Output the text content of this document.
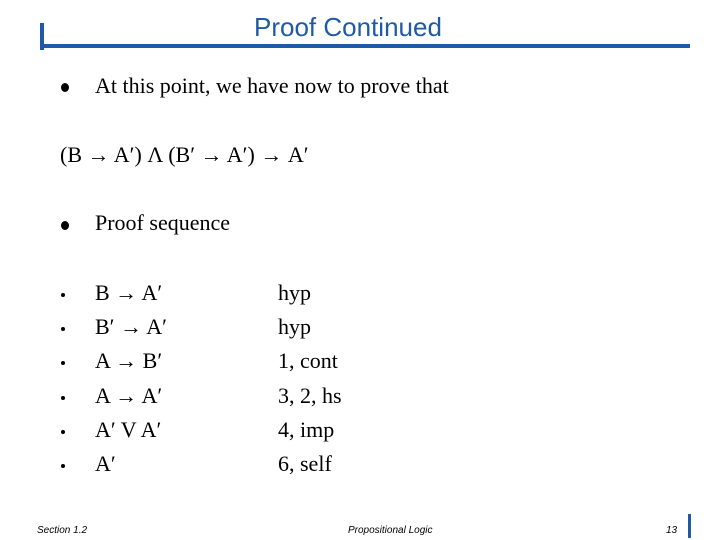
Proof Continued
At this point, we have now to prove that
(B → A′) Λ (B′ → A′) → A′
Proof sequence
B → A′	hyp
B′ → A′	hyp
A → B′	1, cont
A → A′	3, 2, hs
A′ V A′	4, imp
A′	6, self
Section 1.2	Propositional Logic	13
